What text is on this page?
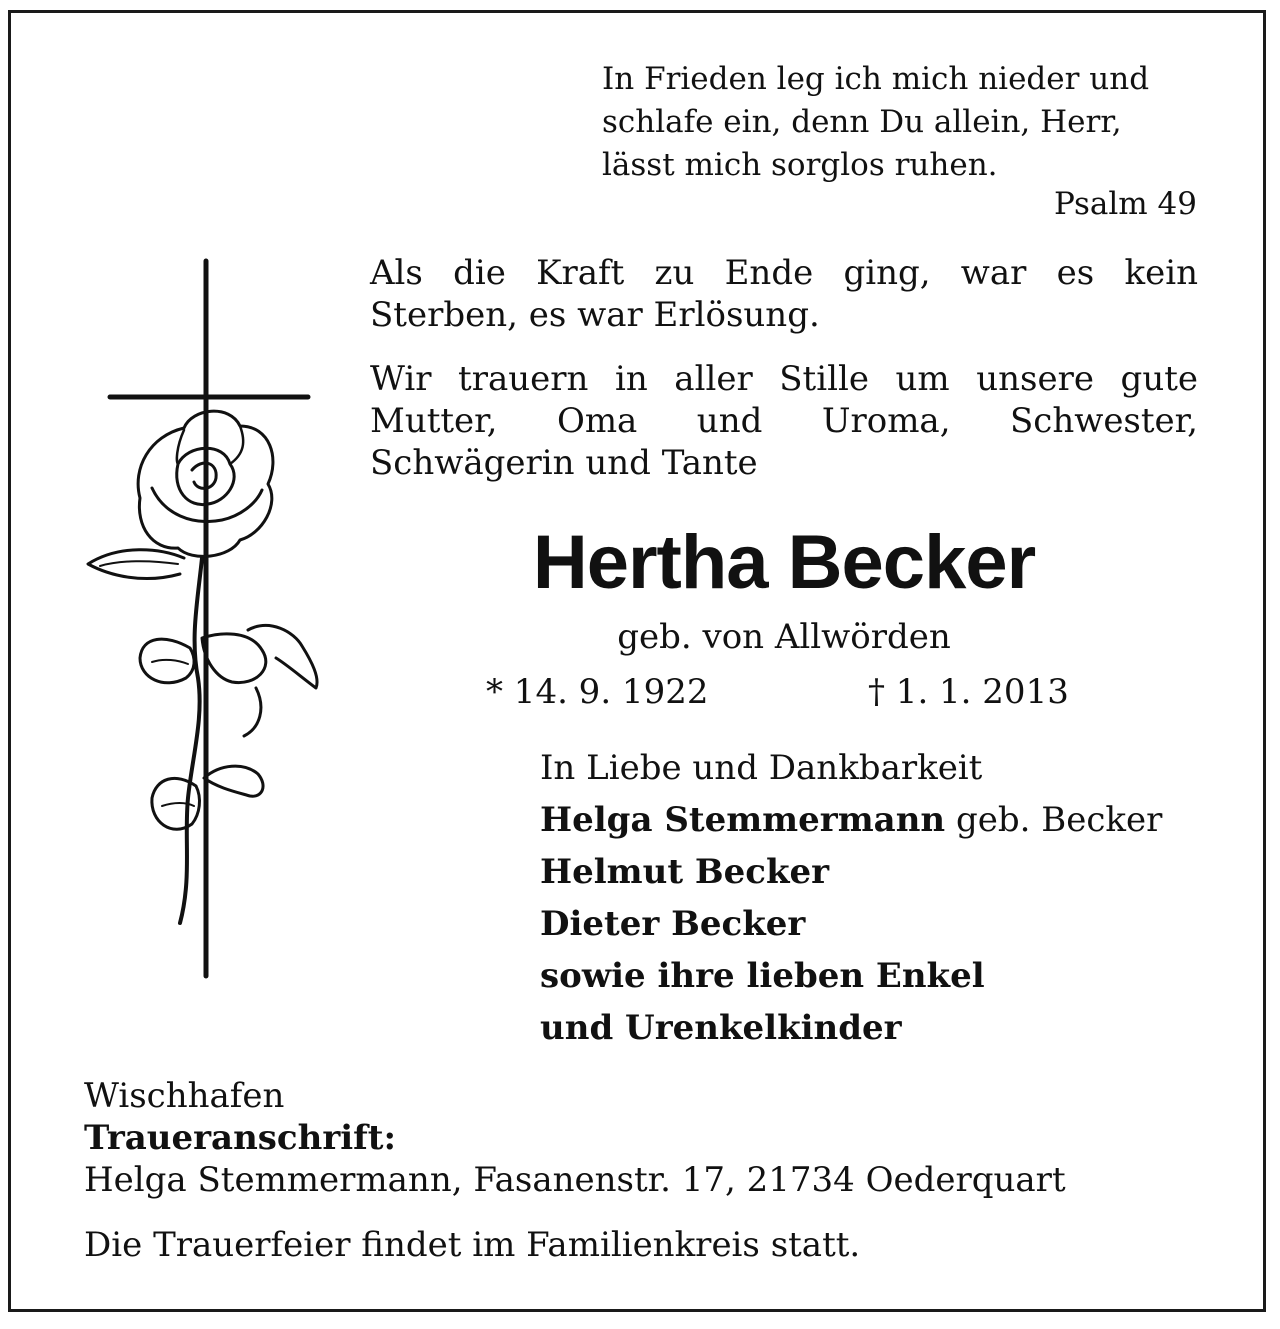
In Frieden leg ich mich nieder und
schlafe ein, denn Du allein, Herr,
lässt mich sorglos ruhen.
Psalm 49

Als die Kraft zu Ende ging, war es kein Sterben, es war Erlösung.

Wir trauern in aller Stille um unsere gute Mutter, Oma und Uroma, Schwester, Schwägerin und Tante

Hertha Becker
geb. von Allwörden
* 14. 9. 1922	† 1. 1. 2013
In Liebe und Dankbarkeit
Helga Stemmermann geb. Becker
Helmut Becker
Dieter Becker
sowie ihre lieben Enkel
und Urenkelkinder
Wischhafen
Traueranschrift:
Helga Stemmermann, Fasanenstr. 17, 21734 Oederquart
Die Trauerfeier findet im Familienkreis statt.
